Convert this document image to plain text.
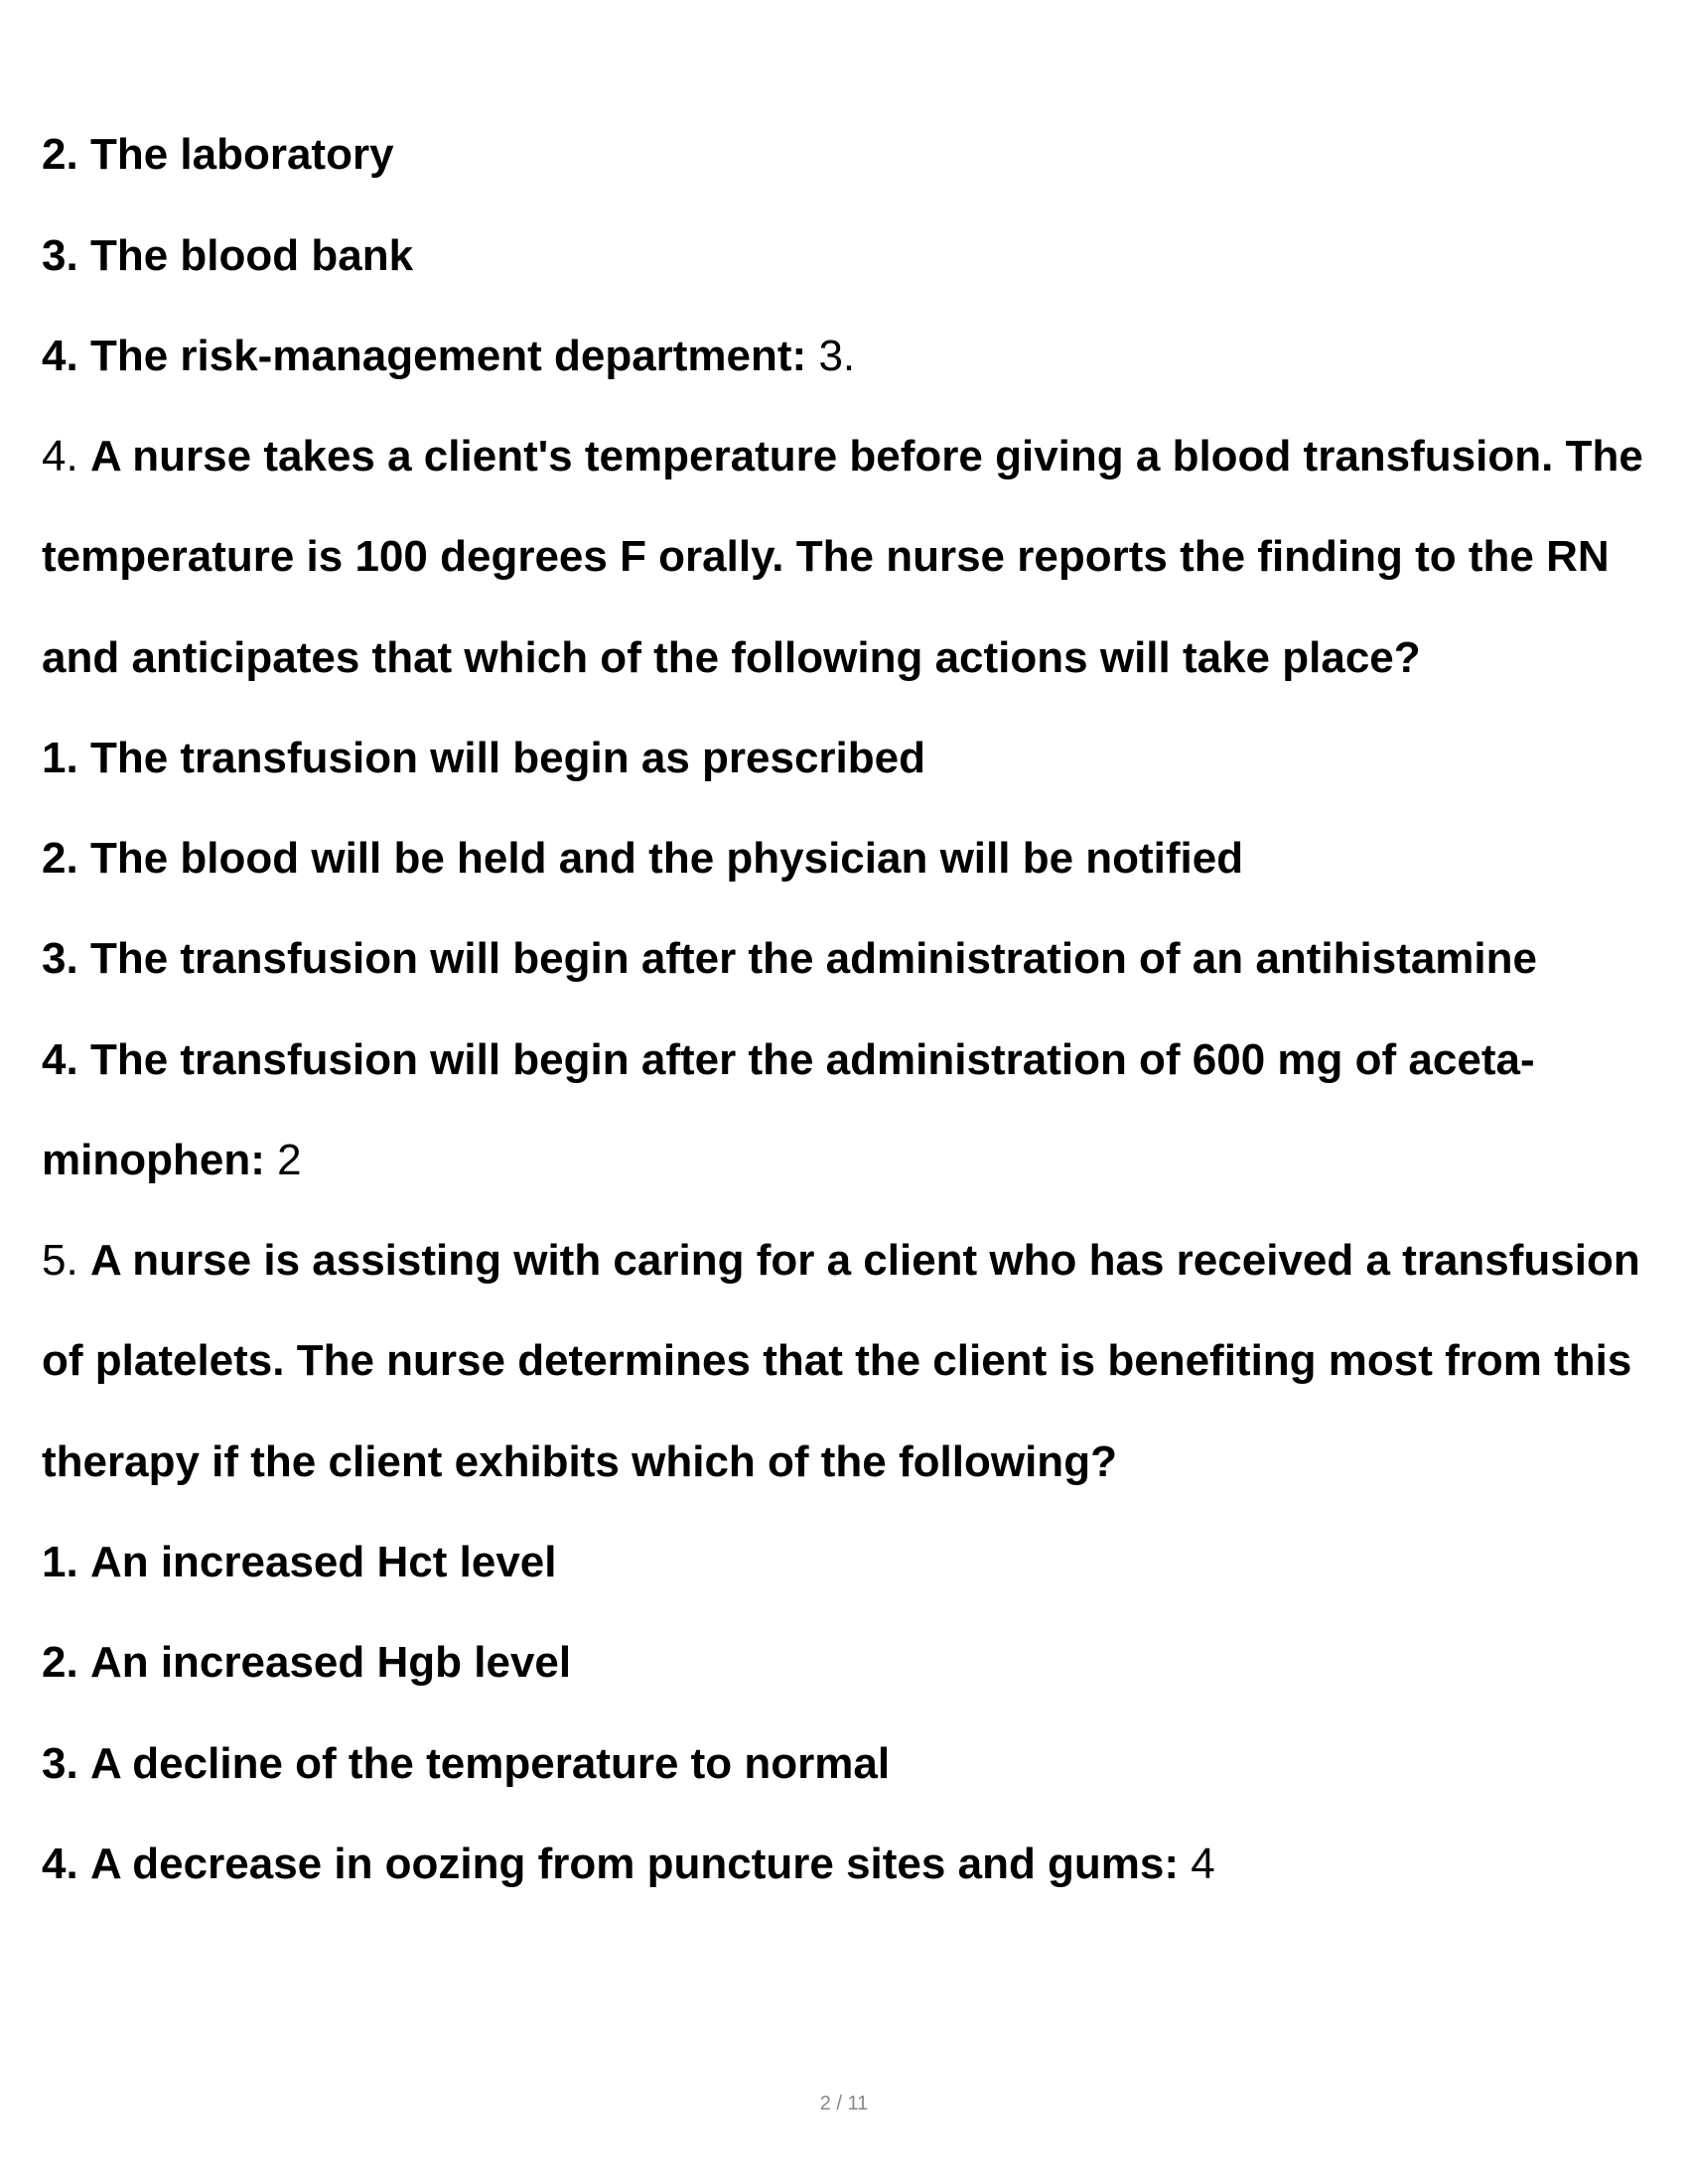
2. The laboratory
3. The blood bank
4. The risk-management department: 3.
4. A nurse takes a client's temperature before giving a blood transfusion. The
temperature is 100 degrees F orally. The nurse reports the finding to the RN
and anticipates that which of the following actions will take place?
1. The transfusion will begin as prescribed
2. The blood will be held and the physician will be notified
3. The transfusion will begin after the administration of an antihistamine
4. The transfusion will begin after the administration of 600 mg of aceta-
minophen: 2
5. A nurse is assisting with caring for a client who has received a transfusion
of platelets. The nurse determines that the client is benefiting most from this
therapy if the client exhibits which of the following?
1. An increased Hct level
2. An increased Hgb level
3. A decline of the temperature to normal
4. A decrease in oozing from puncture sites and gums: 4
2 / 11
